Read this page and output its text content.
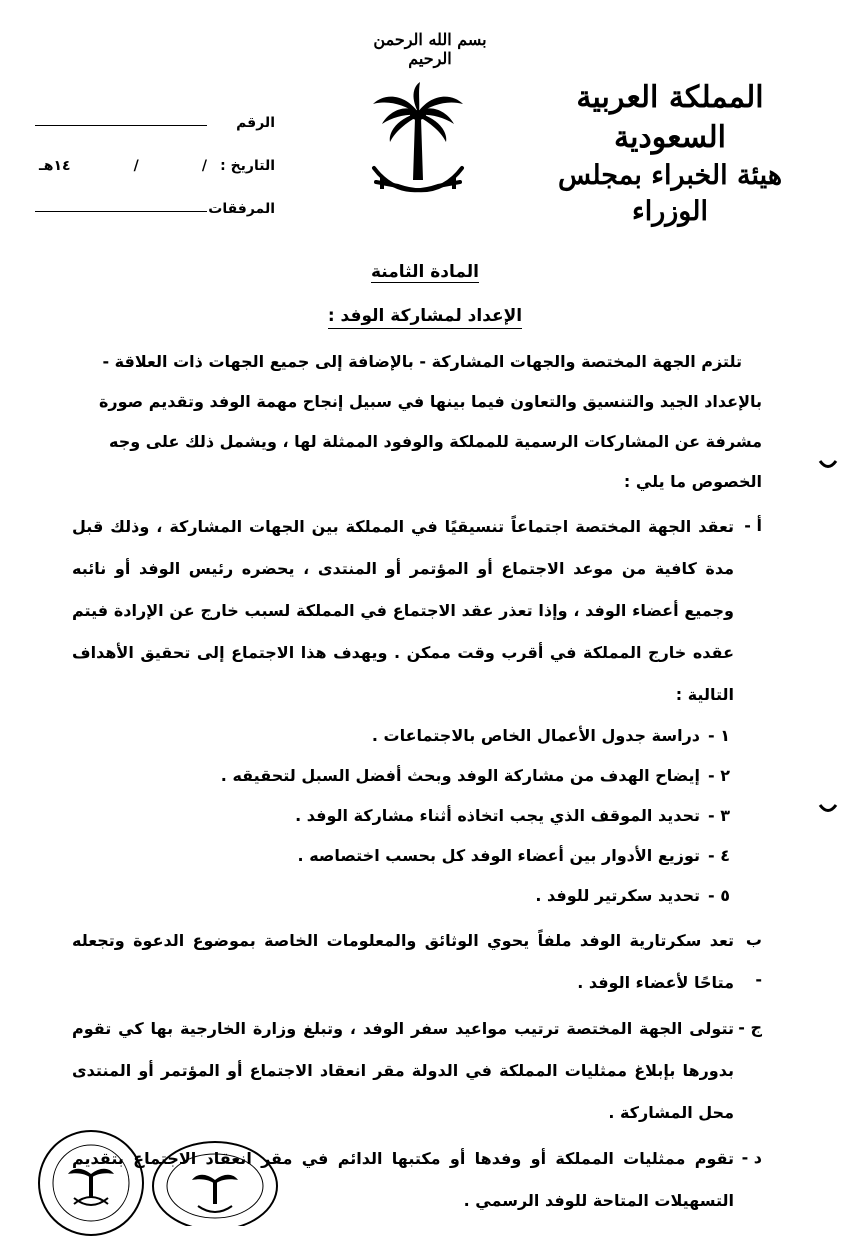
بسم الله الرحمن الرحيم
المملكة العربية السعودية
هيئة الخبراء بمجلس الوزراء
الرقم
التاريخ :
/
/
١٤هـ
المرفقات
المادة الثامنة
الإعداد لمشاركة الوفد :

تلتزم الجهة المختصة والجهات المشاركة - بالإضافة إلى جميع الجهات ذات العلاقة -

بالإعداد الجيد والتنسيق والتعاون فيما بينها في سبيل إنجاح مهمة الوفد وتقديم صورة

مشرفة عن المشاركات الرسمية للمملكة والوفود الممثلة لها ، ويشمل ذلك على وجه

الخصوص ما يلي :

أ -
تعقد الجهة المختصة اجتماعاً تنسيقيًا في المملكة بين الجهات المشاركة ، وذلك قبل مدة كافية من موعد الاجتماع أو المؤتمر أو المنتدى ، يحضره رئيس الوفد أو نائبه وجميع أعضاء الوفد ، وإذا تعذر عقد الاجتماع في المملكة لسبب خارج عن الإرادة فيتم عقده خارج المملكة في أقرب وقت ممكن . ويهدف هذا الاجتماع إلى تحقيق الأهداف التالية :
١ -
دراسة جدول الأعمال الخاص بالاجتماعات .
٢ -
إيضاح الهدف من مشاركة الوفد وبحث أفضل السبل لتحقيقه .
٣ -
تحديد الموقف الذي يجب اتخاذه أثناء مشاركة الوفد .
٤ -
توزيع الأدوار بين أعضاء الوفد كل بحسب اختصاصه .
٥ -
تحديد سكرتير للوفد .
ب -
تعد سكرتارية الوفد ملفاً يحوي الوثائق والمعلومات الخاصة بموضوع الدعوة وتجعله متاحًا لأعضاء الوفد .
ج -
تتولى الجهة المختصة ترتيب مواعيد سفر الوفد ، وتبلغ وزارة الخارجية بها كي تقوم بدورها بإبلاغ ممثليات المملكة في الدولة مقر انعقاد الاجتماع أو المؤتمر أو المنتدى محل المشاركة .
د -
تقوم ممثليات المملكة أو وفدها أو مكتبها الدائم في مقر انعقاد الاجتماع بتقديم التسهيلات المتاحة للوفد الرسمي .
